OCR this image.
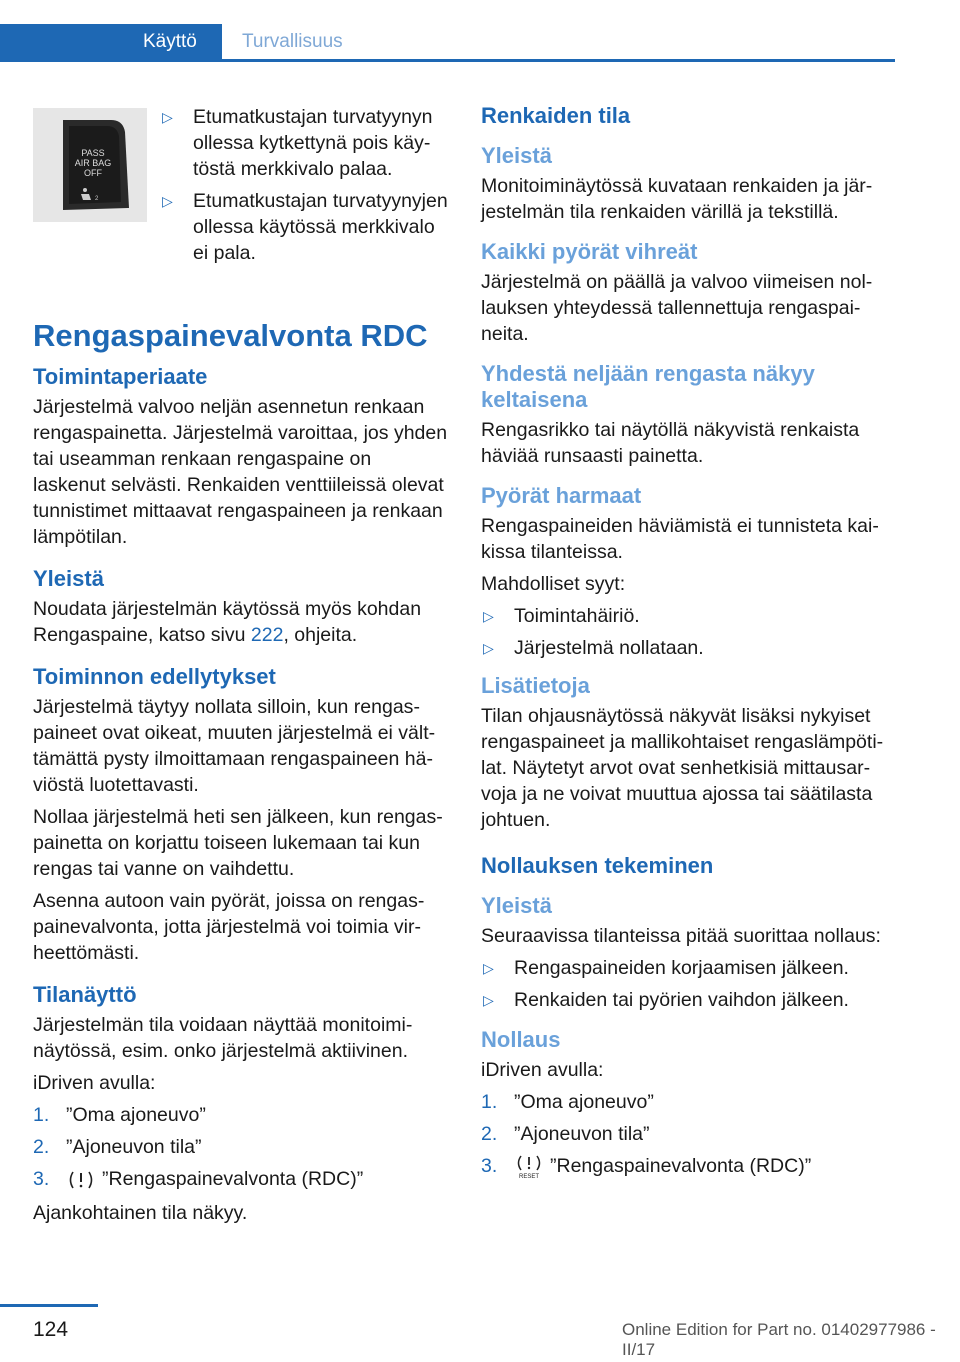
Käyttö Turvallisuus
PASS
AIR BAG
OFF
2
▷ Etumatkustajan turvatyynyn ollessa kytkettynä pois käytöstä merkkivalo palaa.
▷ Etumatkustajan turvatyynyjen ollessa käytössä merkkivalo ei pala.
Rengaspainevalvonta RDC
Toimintaperiaate

Järjestelmä valvoo neljän asennetun renkaan rengaspainetta. Järjestelmä varoittaa, jos yhden tai useamman renkaan rengaspaine on laskenut selvästi. Renkaiden venttiileissä olevat tunnistimet mittaavat rengaspaineen ja renkaan lämpötilan.

Yleistä

Noudata järjestelmän käytössä myös kohdan Rengaspaine, katso sivu 222, ohjeita.

Toiminnon edellytykset

Järjestelmä täytyy nollata silloin, kun rengaspaineet ovat oikeat, muuten järjestelmä ei välttämättä pysty ilmoittamaan rengaspaineen häviöstä luotettavasti.

Nollaa järjestelmä heti sen jälkeen, kun rengaspainetta on korjattu toiseen lukemaan tai kun rengas tai vanne on vaihdettu.

Asenna autoon vain pyörät, joissa on rengaspainevalvonta, jotta järjestelmä voi toimia virheettömästi.

Tilanäyttö

Järjestelmän tila voidaan näyttää monitoiminäytössä, esim. onko järjestelmä aktiivinen.

iDriven avulla:

1. ”Oma ajoneuvo”
2. ”Ajoneuvon tila”
3.	”Rengaspainevalvonta (RDC)”

Ajankohtainen tila näkyy.

Renkaiden tila
Yleistä

Monitoiminäytössä kuvataan renkaiden ja järjestelmän tila renkaiden värillä ja tekstillä.

Kaikki pyörät vihreät

Järjestelmä on päällä ja valvoo viimeisen nollauksen yhteydessä tallennettuja rengaspaineita.

Yhdestä neljään rengasta näkyy keltaisena

Rengasrikko tai näytöllä näkyvistä renkaista häviää runsaasti painetta.

Pyörät harmaat

Rengaspaineiden häviämistä ei tunnisteta kaikissa tilanteissa.

Mahdolliset syyt:

▷ Toimintahäiriö.
▷ Järjestelmä nollataan.
Lisätietoja

Tilan ohjausnäytössä näkyvät lisäksi nykyiset rengaspaineet ja mallikohtaiset rengaslämpötilat. Näytetyt arvot ovat senhetkisiä mittausarvoja ja ne voivat muuttua ajossa tai säätilasta johtuen.

Nollauksen tekeminen
Yleistä

Seuraavissa tilanteissa pitää suorittaa nollaus:

▷ Rengaspaineiden korjaamisen jälkeen.
▷ Renkaiden tai pyörien vaihdon jälkeen.
Nollaus

iDriven avulla:

1. ”Oma ajoneuvo”
2. ”Ajoneuvon tila”
3.	RESET ”Rengaspainevalvonta (RDC)”
124	Online Edition for Part no. 01402977986 - II/17
